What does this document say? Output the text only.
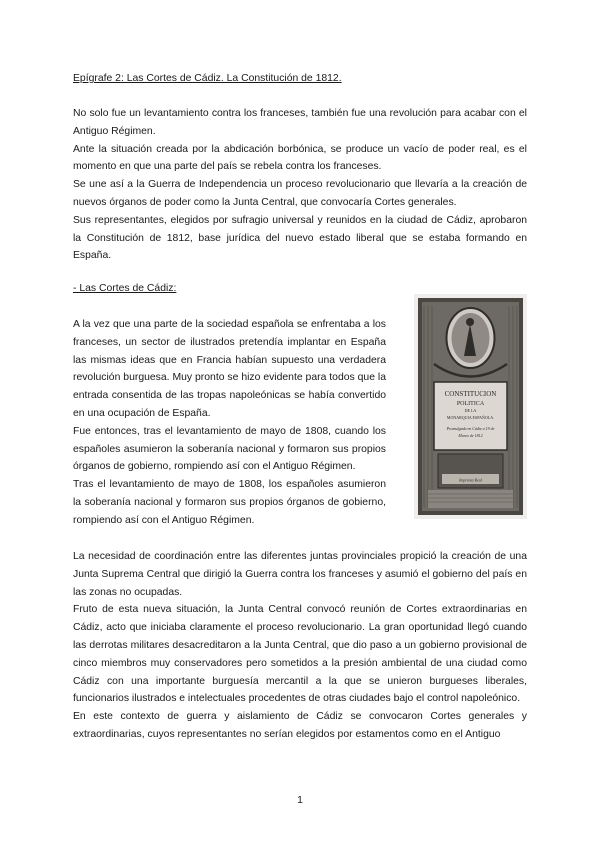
Epígrafe 2: Las Cortes de Cádiz. La Constitución de 1812.

No solo fue un levantamiento contra los franceses, también fue una revolución para acabar con el Antiguo Régimen.

Ante la situación creada por la abdicación borbónica, se produce un vacío de poder real, es el momento en que una parte del país se rebela contra los franceses.

Se une así a la Guerra de Independencia un proceso revolucionario que llevaría a la creación de nuevos órganos de poder como la Junta Central, que convocaría Cortes generales.

Sus representantes, elegidos por sufragio universal y reunidos en la ciudad de Cádiz, aprobaron la Constitución de 1812, base jurídica del nuevo estado liberal que se estaba formando en España.

- Las Cortes de Cádiz:

A la vez que una parte de la sociedad española se enfrentaba a los franceses, un sector de ilustrados pretendía implantar en España las mismas ideas que en Francia habían supuesto una verdadera revolución burguesa. Muy pronto se hizo evidente para todos que la entrada consentida de las tropas napoleónicas se había convertido en una ocupación de España.

Fue entonces, tras el levantamiento de mayo de 1808, cuando los españoles asumieron la soberanía nacional y formaron sus propios órganos de gobierno, rompiendo así con el Antiguo Régimen.

Tras el levantamiento de mayo de 1808, los españoles asumieron la soberanía nacional y formaron sus propios órganos de gobierno, rompiendo así con el Antiguo Régimen.

CONSTITUCION
POLITICA
DE LA
MONARQUIA ESPAÑOLA.
Promulgada en Cádiz a 19 de
Marzo de 1812
Imprenta Real

La necesidad de coordinación entre las diferentes juntas provinciales propició la creación de una Junta Suprema Central que dirigió la Guerra contra los franceses y asumió el gobierno del país en las zonas no ocupadas.

Fruto de esta nueva situación, la Junta Central convocó reunión de Cortes extraordinarias en Cádiz, acto que iniciaba claramente el proceso revolucionario. La gran oportunidad llegó cuando las derrotas militares desacreditaron a la Junta Central, que dio paso a un gobierno provisional de cinco miembros muy conservadores pero sometidos a la presión ambiental de una ciudad como Cádiz con una importante burguesía mercantil a la que se unieron burgueses liberales, funcionarios ilustrados e intelectuales procedentes de otras ciudades bajo el control napoleónico.

En este contexto de guerra y aislamiento de Cádiz se convocaron Cortes generales y extraordinarias, cuyos representantes no serían elegidos por estamentos como en el Antiguo

1
